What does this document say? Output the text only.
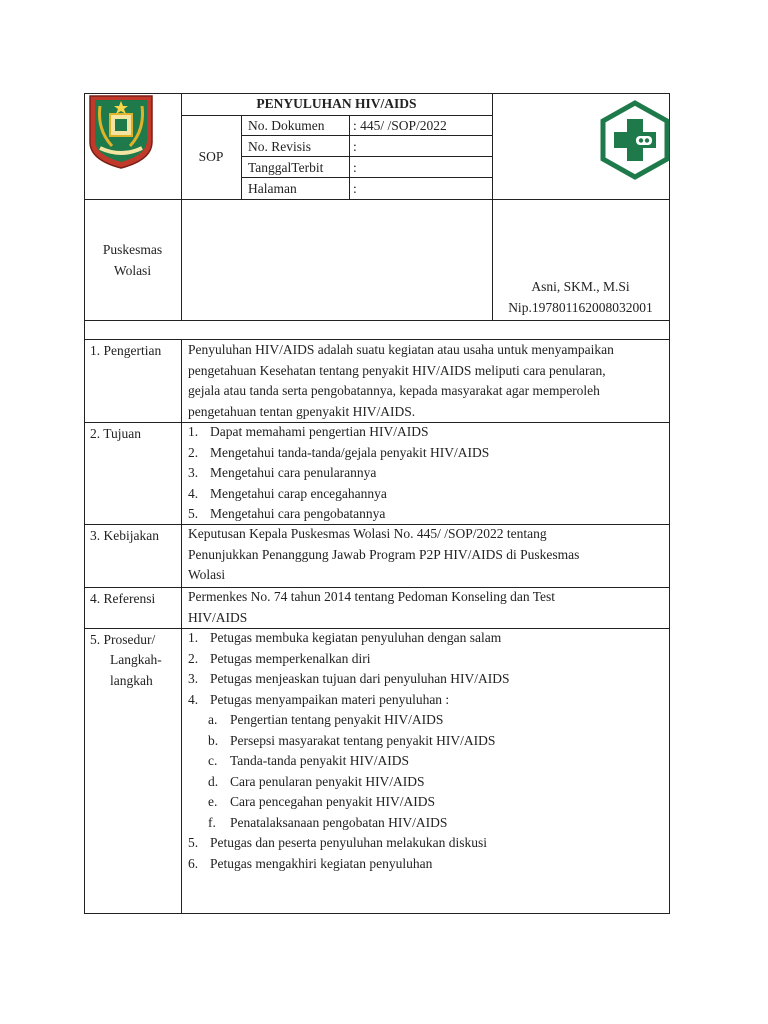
PENYULUHAN HIV/AIDS
SOP
No. Dokumen : 445/ /SOP/2022
No. Revisis	:
TanggalTerbit :
Halaman	:
Puskesmas
Wolasi
Asni, SKM., M.Si
Nip.197801162008032001
1. Pengertian Penyuluhan HIV/AIDS adalah suatu kegiatan atau usaha untuk menyampaikan
pengetahuan Kesehatan tentang penyakit HIV/AIDS meliputi cara penularan,
gejala atau tanda serta pengobatannya, kepada masyarakat agar memperoleh
pengetahuan tentan gpenyakit HIV/AIDS.
2. Tujuan	1. Dapat memahami pengertian HIV/AIDS
2. Mengetahui tanda-tanda/gejala penyakit HIV/AIDS
3. Mengetahui cara penularannya
4. Mengetahui carap encegahannya
5. Mengetahui cara pengobatannya
3. Kebijakan Keputusan Kepala Puskesmas Wolasi No. 445/ /SOP/2022 tentang
Penunjukkan Penanggung Jawab Program P2P HIV/AIDS di Puskesmas
Wolasi
4. Referensi Permenkes No. 74 tahun 2014 tentang Pedoman Konseling dan Test
HIV/AIDS
5. Prosedur/
Langkah-
langkah
1. Petugas membuka kegiatan penyuluhan dengan salam
2. Petugas memperkenalkan diri
3. Petugas menjeaskan tujuan dari penyuluhan HIV/AIDS
4. Petugas menyampaikan materi penyuluhan :
a. Pengertian tentang penyakit HIV/AIDS
b. Persepsi masyarakat tentang penyakit HIV/AIDS
c. Tanda-tanda penyakit HIV/AIDS
d. Cara penularan penyakit HIV/AIDS
e. Cara pencegahan penyakit HIV/AIDS
f. Penatalaksanaan pengobatan HIV/AIDS
5. Petugas dan peserta penyuluhan melakukan diskusi
6. Petugas mengakhiri kegiatan penyuluhan
